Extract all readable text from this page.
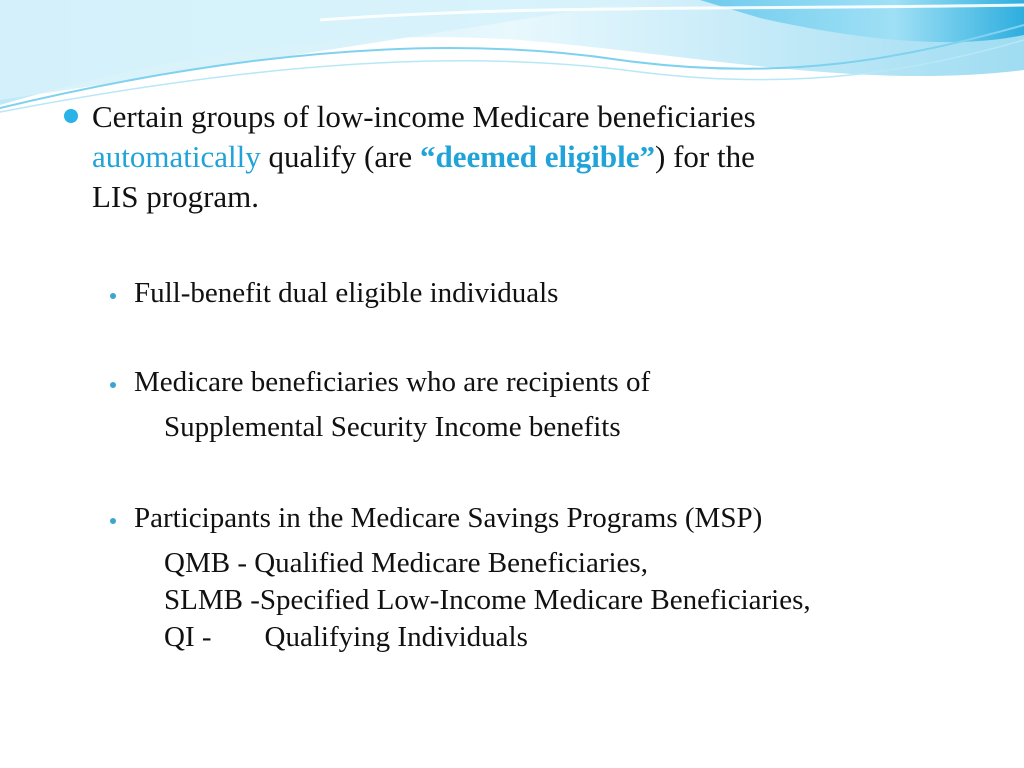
Certain groups of low-income Medicare beneficiaries
automatically qualify (are “deemed eligible”) for the
LIS program.
Full-benefit dual eligible individuals
Medicare beneficiaries who are recipients of
Supplemental Security Income benefits
Participants in the Medicare Savings Programs (MSP)
QMB - Qualified Medicare Beneficiaries,
SLMB -Specified Low-Income Medicare Beneficiaries,
QI - Qualifying Individuals
